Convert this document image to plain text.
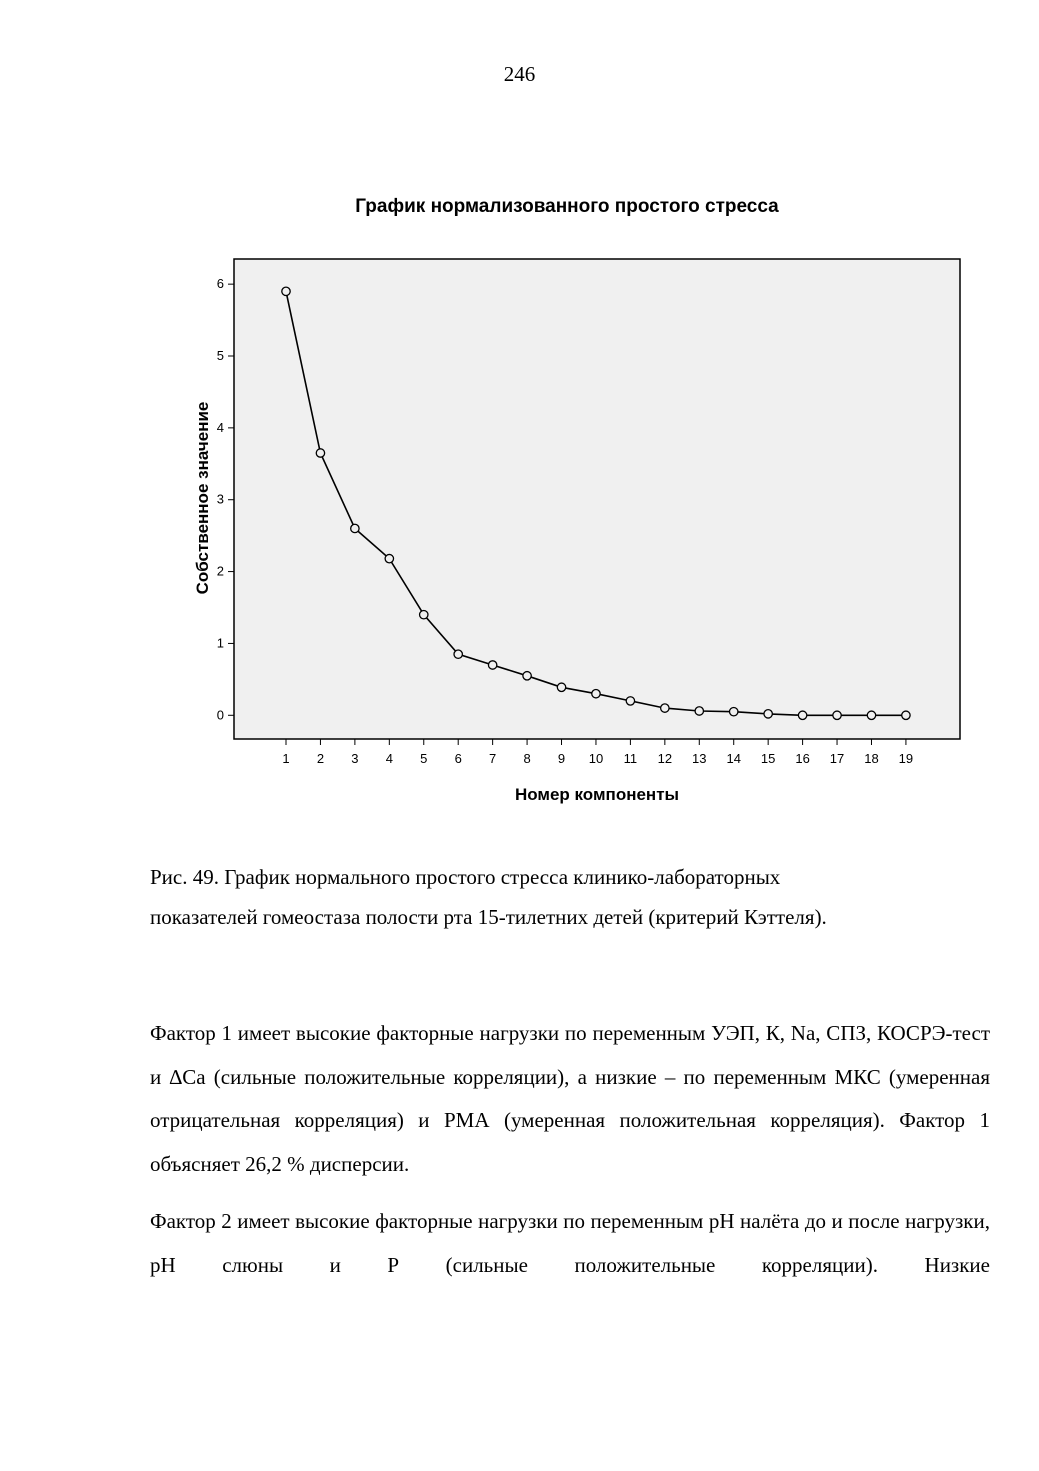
246
График нормализованного простого стресса
0
1
2
3
4
5
6
1 2 3 4 5 6 7 8 9 10 11 12 13 14 15 16 17 18 19
Номер компоненты
Собственное значение
Рис. 49. График нормального простого стресса клинико-лабораторных
показателей гомеостаза полости рта 15-тилетних детей (критерий Кэттеля).

Фактор 1 имеет высокие факторные нагрузки по переменным УЭП, К, Na, СПЗ, КОСРЭ-тест и ∆Са (сильные положительные корреляции), а низкие – по переменным МКС (умеренная отрицательная корреляция) и РМА (умеренная положительная корреляция). Фактор 1 объясняет 26,2 % дисперсии.

Фактор 2 имеет высокие факторные нагрузки по переменным рН налёта до и после нагрузки, рН слюны и Р (сильные положительные корреляции). Низкие
